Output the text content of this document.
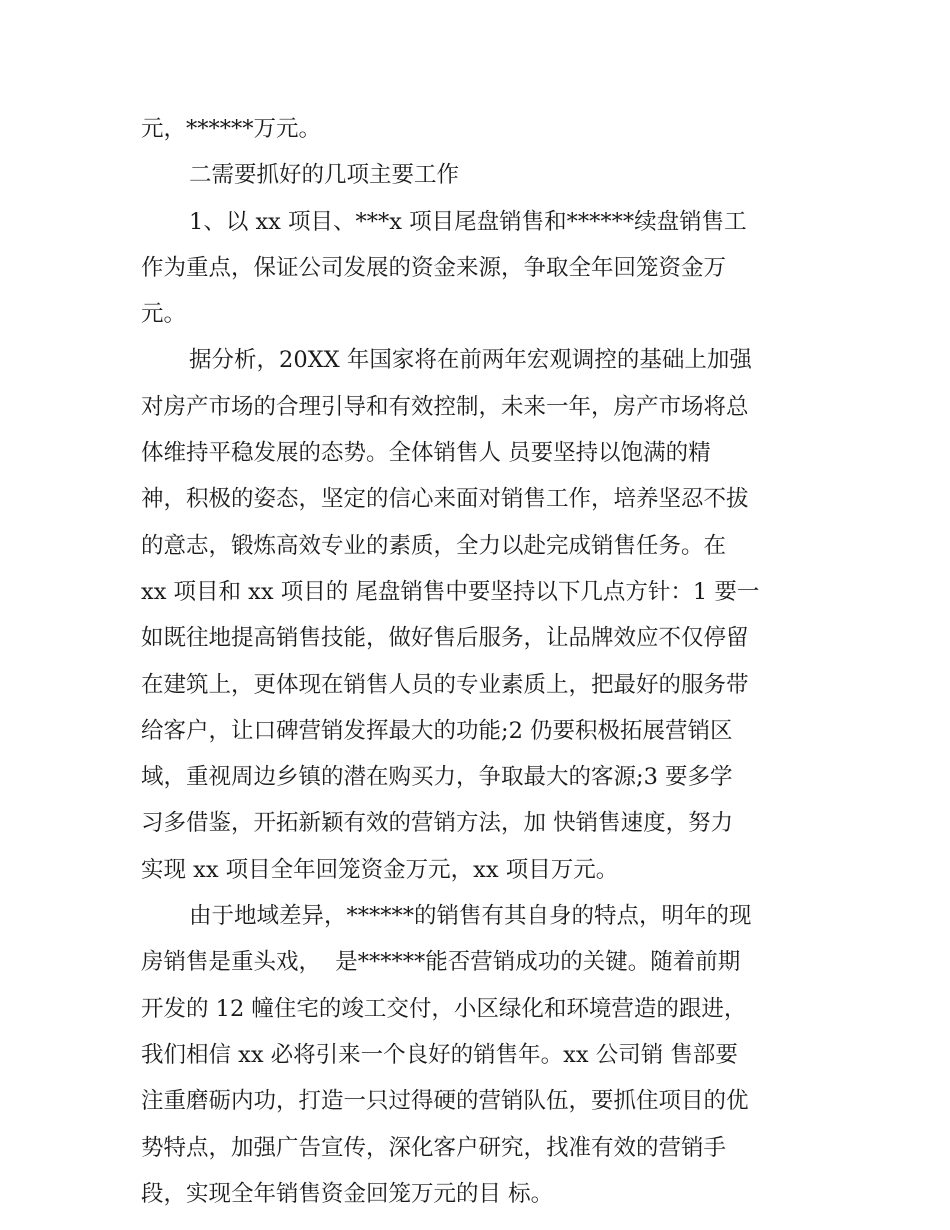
元，******万元。
二需要抓好的几项主要工作
1、以 xx 项目、***x 项目尾盘销售和******续盘销售工
作为重点，保证公司发展的资金来源，争取全年回笼资金万
元。
据分析，20XX 年国家将在前两年宏观调控的基础上加强
对房产市场的合理引导和有效控制，未来一年，房产市场将总
体维持平稳发展的态势。全体销售人 员要坚持以饱满的精
神，积极的姿态，坚定的信心来面对销售工作，培养坚忍不拔
的意志，锻炼高效专业的素质，全力以赴完成销售任务。在
xx 项目和 xx 项目的 尾盘销售中要坚持以下几点方针：1 要一
如既往地提高销售技能，做好售后服务，让品牌效应不仅停留
在建筑上，更体现在销售人员的专业素质上，把最好的服务带
给客户，让口碑营销发挥最大的功能;2 仍要积极拓展营销区
域，重视周边乡镇的潜在购买力，争取最大的客源;3 要多学
习多借鉴，开拓新颖有效的营销方法，加 快销售速度，努力
实现 xx 项目全年回笼资金万元，xx 项目万元。
由于地域差异，******的销售有其自身的特点，明年的现
房销售是重头戏，  是******能否营销成功的关键。随着前期
开发的 12 幢住宅的竣工交付，小区绿化和环境营造的跟进，
我们相信 xx 必将引来一个良好的销售年。xx 公司销 售部要
注重磨砺内功，打造一只过得硬的营销队伍，要抓住项目的优
势特点，加强广告宣传，深化客户研究，找准有效的营销手
段，实现全年销售资金回笼万元的目 标。
